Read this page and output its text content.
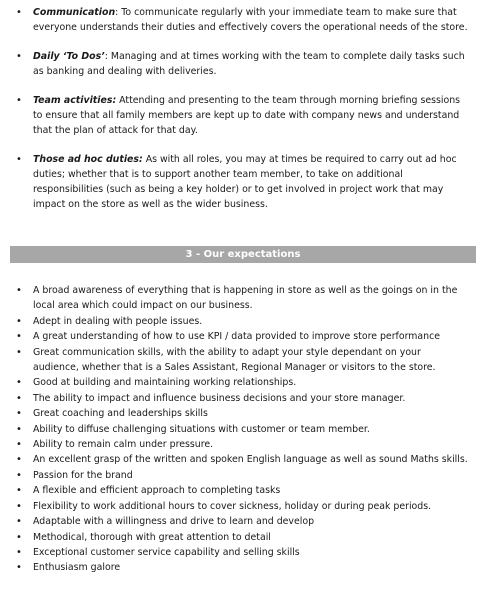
•	Communication: To communicate regularly with your immediate team to make sure that everyone understands their duties and effectively covers the operational needs of the store.
•	Daily ‘To Dos’: Managing and at times working with the team to complete daily tasks such as banking and dealing with deliveries.
•	Team activities: Attending and presenting to the team through morning briefing sessions to ensure that all family members are kept up to date with company news and understand that the plan of attack for that day.
•	Those ad hoc duties: As with all roles, you may at times be required to carry out ad hoc duties; whether that is to support another team member, to take on additional responsibilities (such as being a key holder) or to get involved in project work that may impact on the store as well as the wider business.
3 - Our expectations
•	A broad awareness of everything that is happening in store as well as the goings on in the local area which could impact on our business.
•	Adept in dealing with people issues.
•	A great understanding of how to use KPI / data provided to improve store performance
•	Great communication skills, with the ability to adapt your style dependant on your audience, whether that is a Sales Assistant, Regional Manager or visitors to the store.
•	Good at building and maintaining working relationships.
•	The ability to impact and influence business decisions and your store manager.
•	Great coaching and leaderships skills
•	Ability to diffuse challenging situations with customer or team member.
•	Ability to remain calm under pressure.
•	An excellent grasp of the written and spoken English language as well as sound Maths skills.
•	Passion for the brand
•	A flexible and efficient approach to completing tasks
•	Flexibility to work additional hours to cover sickness, holiday or during peak periods.
•	Adaptable with a willingness and drive to learn and develop
•	Methodical, thorough with great attention to detail
•	Exceptional customer service capability and selling skills
•	Enthusiasm galore
